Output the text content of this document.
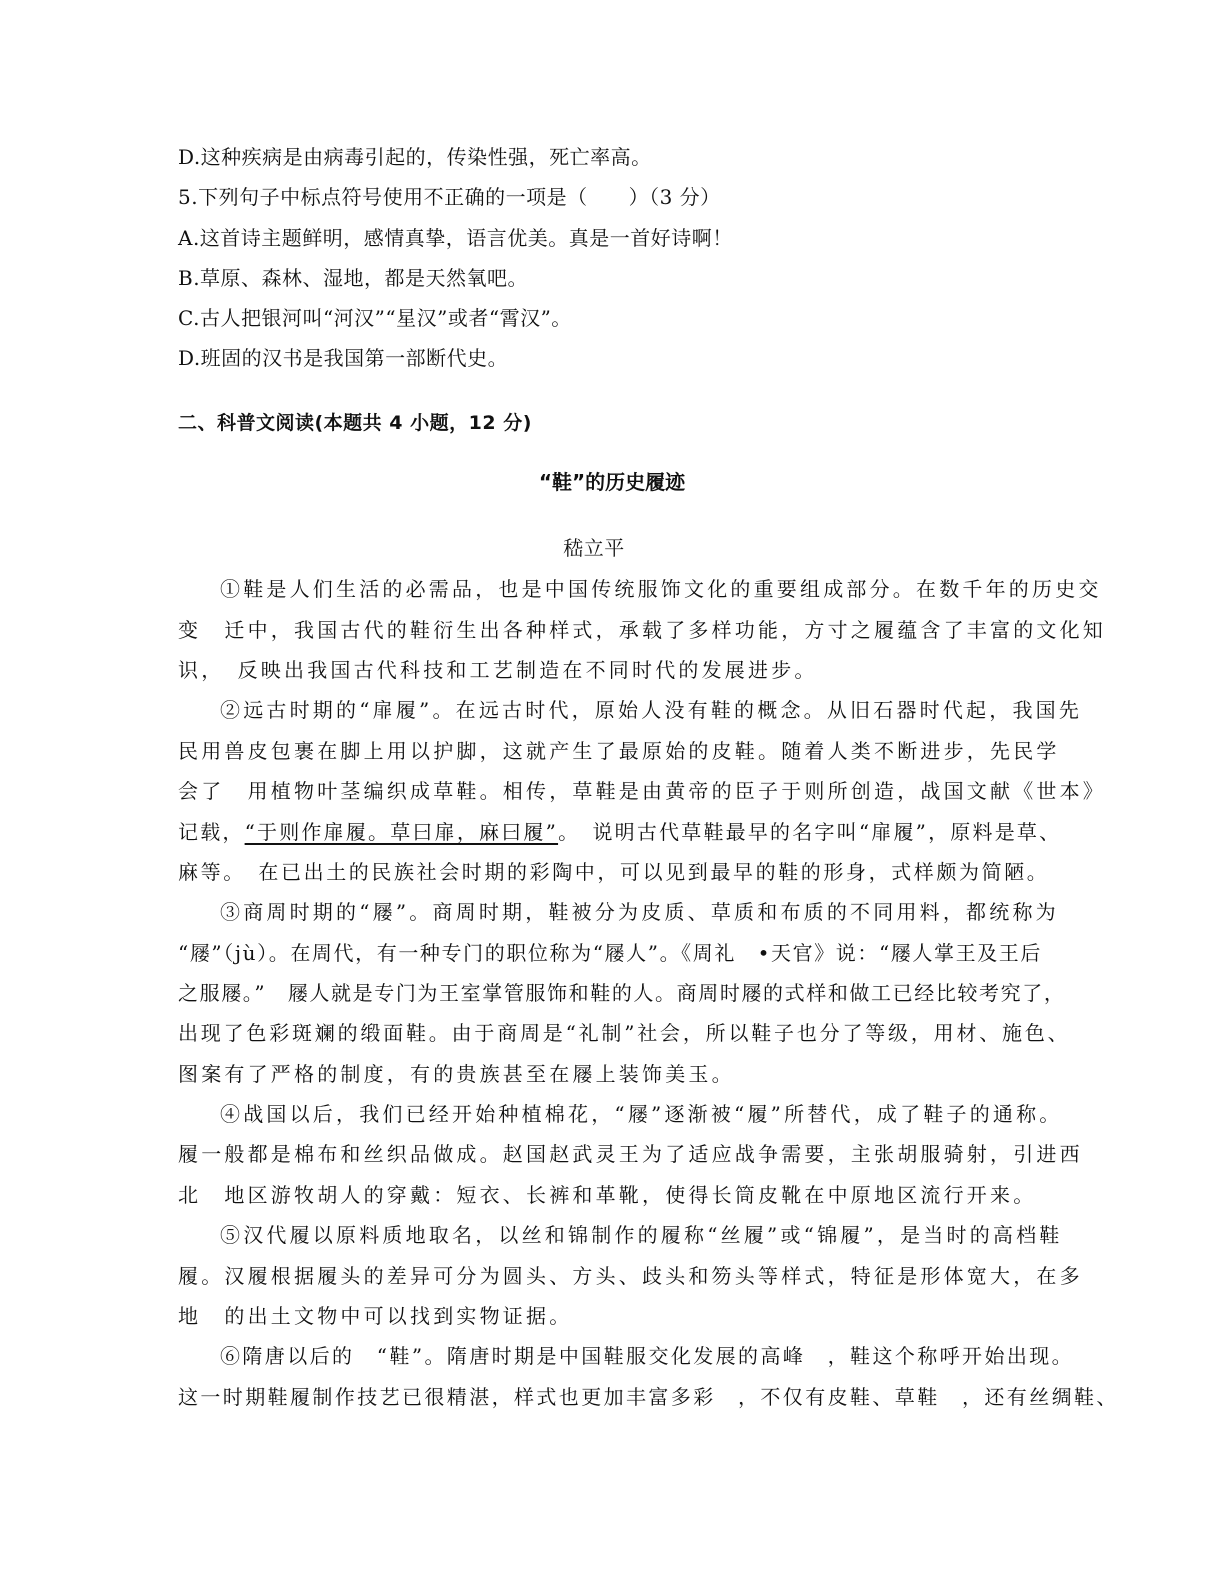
D.这种疾病是由病毒引起的，传染性强，死亡率高。
5.下列句子中标点符号使用不正确的一项是（　　）（3 分）
A.这首诗主题鲜明，感情真挚，语言优美。真是一首好诗啊！
B.草原、森林、湿地，都是天然氧吧。
C.古人把银河叫“河汉”“星汉”或者“霄汉”。
D.班固的汉书是我国第一部断代史。
二、科普文阅读(本题共 4 小题，12 分)
“鞋”的历史履迹
嵇立平
①鞋是人们生活的必需品，也是中国传统服饰文化的重要组成部分。在数千年的历史交
变　迁中，我国古代的鞋衍生出各种样式，承载了多样功能，方寸之履蕴含了丰富的文化知
识，　反映出我国古代科技和工艺制造在不同时代的发展进步。
②远古时期的“扉履”。在远古时代，原始人没有鞋的概念。从旧石器时代起，我国先
民用兽皮包裹在脚上用以护脚，这就产生了最原始的皮鞋。随着人类不断进步，先民学
会了　用植物叶茎编织成草鞋。相传，草鞋是由黄帝的臣子于则所创造，战国文献《世本》
记载，“于则作扉履。草曰扉，麻曰履”。　说明古代草鞋最早的名字叫“扉履”，原料是草、
麻等。　在已出土的民族社会时期的彩陶中，可以见到最早的鞋的形身，式样颇为简陋。
③商周时期的“屦”。商周时期，鞋被分为皮质、草质和布质的不同用料，都统称为
“屦”（jù）。在周代，有一种专门的职位称为“屦人”。《周礼　•天官》说：“屦人掌王及王后
之服屦。”　屦人就是专门为王室掌管服饰和鞋的人。商周时屦的式样和做工已经比较考究了，
出现了色彩斑斓的缎面鞋。由于商周是“礼制”社会，所以鞋子也分了等级，用材、施色、
图案有了严格的制度，有的贵族甚至在屦上装饰美玉。
④战国以后，我们已经开始种植棉花，“屦”逐渐被“履”所替代，成了鞋子的通称。
履一般都是棉布和丝织品做成。赵国赵武灵王为了适应战争需要，主张胡服骑射，引进西
北　地区游牧胡人的穿戴：短衣、长裤和革靴，使得长筒皮靴在中原地区流行开来。
⑤汉代履以原料质地取名，以丝和锦制作的履称“丝履”或“锦履”，是当时的高档鞋
履。汉履根据履头的差异可分为圆头、方头、歧头和笏头等样式，特征是形体宽大，在多
地　的出土文物中可以找到实物证据。
⑥隋唐以后的　“鞋”。隋唐时期是中国鞋服交化发展的高峰　，鞋这个称呼开始出现。
这一时期鞋履制作技艺已很精湛，样式也更加丰富多彩　，不仅有皮鞋、草鞋　，还有丝绸鞋、
